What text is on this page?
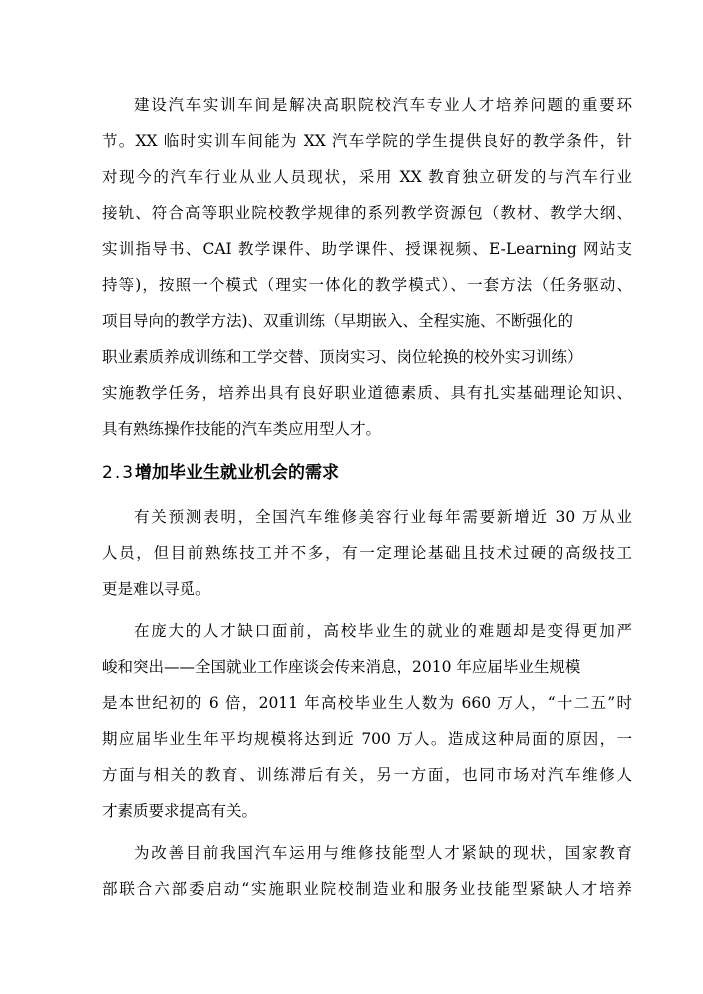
建设汽车实训车间是解决高职院校汽车专业人才培养问题的重要环
节。XX 临时实训车间能为 XX 汽车学院的学生提供良好的教学条件，针
对现今的汽车行业从业人员现状，采用 XX 教育独立研发的与汽车行业
接轨、符合高等职业院校教学规律的系列教学资源包（教材、教学大纲、
实训指导书、CAI 教学课件、助学课件、授课视频、E-Learning 网站支
持等)，按照一个模式（理实一体化的教学模式）、一套方法（任务驱动、
项目导向的教学方法)、双重训练（早期嵌入、全程实施、不断强化的
职业素质养成训练和工学交替、顶岗实习、岗位轮换的校外实习训练）
实施教学任务，培养出具有良好职业道德素质、具有扎实基础理论知识、
具有熟练操作技能的汽车类应用型人才。
2.3增加毕业生就业机会的需求
有关预测表明，全国汽车维修美容行业每年需要新增近 30 万从业
人员，但目前熟练技工并不多，有一定理论基础且技术过硬的高级技工
更是难以寻觅。
在庞大的人才缺口面前，高校毕业生的就业的难题却是变得更加严
峻和突出——全国就业工作座谈会传来消息，2010 年应届毕业生规模
是本世纪初的 6 倍，2011 年高校毕业生人数为 660 万人，“十二五”时
期应届毕业生年平均规模将达到近 700 万人。造成这种局面的原因，一
方面与相关的教育、训练滞后有关，另一方面，也同市场对汽车维修人
才素质要求提高有关。
为改善目前我国汽车运用与维修技能型人才紧缺的现状，国家教育
部联合六部委启动“实施职业院校制造业和服务业技能型紧缺人才培养
